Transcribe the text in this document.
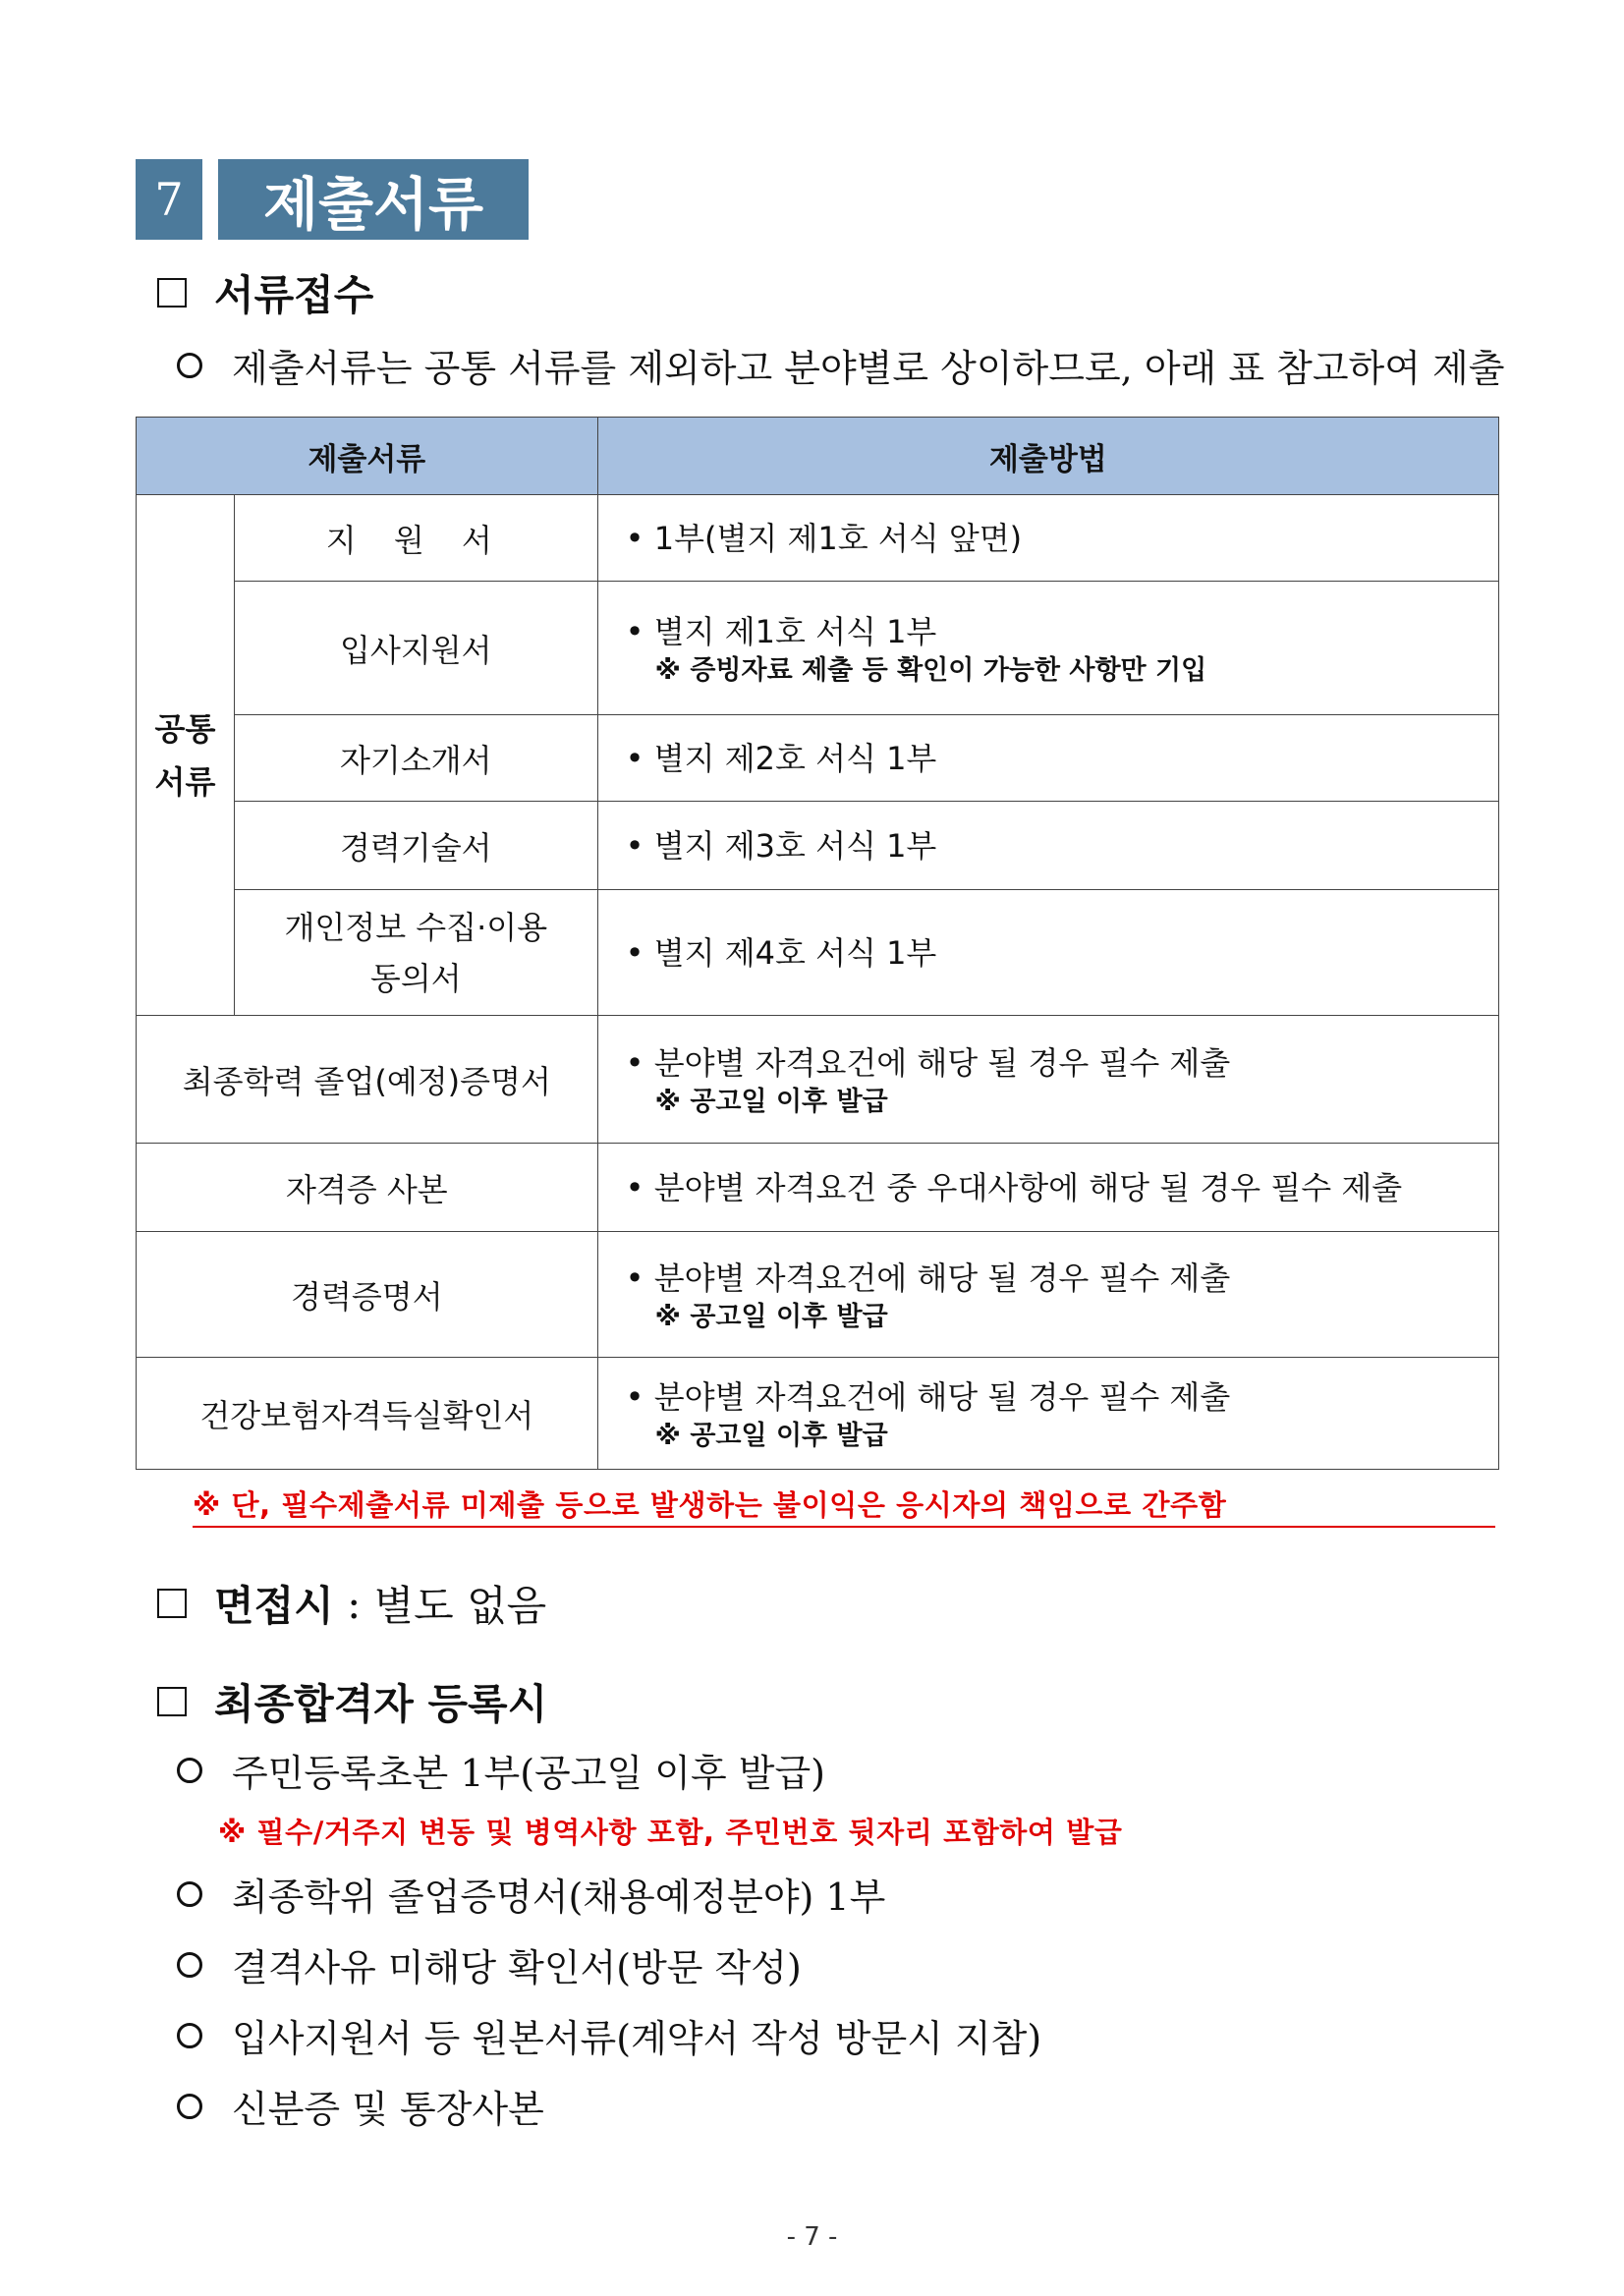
7	제출서류
서류접수
제출서류는 공통 서류를 제외하고 분야별로 상이하므로, 아래 표 참고하여 제출
제출서류		제출방법
공통
서류	지 원 서	• 1부(별지 제1호 서식 앞면)
	입사지원서	• 별지 제1호 서식 1부
※ 증빙자료 제출 등 확인이 가능한 사항만 기입

	자기소개서	• 별지 제2호 서식 1부
	경력기술서	• 별지 제3호 서식 1부
	개인정보 수집·이용
동의서	• 별지 제4호 서식 1부
최종학력 졸업(예정)증명서		• 분야별 자격요건에 해당 될 경우 필수 제출
※ 공고일 이후 발급

자격증 사본		• 분야별 자격요건 중 우대사항에 해당 될 경우 필수 제출
경력증명서		• 분야별 자격요건에 해당 될 경우 필수 제출
※ 공고일 이후 발급

건강보험자격득실확인서		• 분야별 자격요건에 해당 될 경우 필수 제출
※ 공고일 이후 발급
※ 단, 필수제출서류 미제출 등으로 발생하는 불이익은 응시자의 책임으로 간주함
면접시 : 별도 없음
최종합격자 등록시
주민등록초본 1부(공고일 이후 발급)
※ 필수/거주지 변동 및 병역사항 포함, 주민번호 뒷자리 포함하여 발급
최종학위 졸업증명서(채용예정분야) 1부
결격사유 미해당 확인서(방문 작성)
입사지원서 등 원본서류(계약서 작성 방문시 지참)
신분증 및 통장사본
- 7 -
